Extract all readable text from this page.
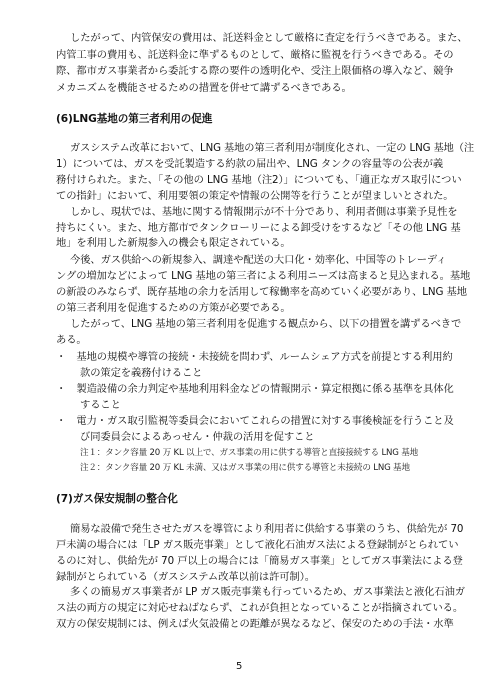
したがって、内管保安の費用は、託送料金として厳格に査定を行うべきである。また、
内管工事の費用も、託送料金に準ずるものとして、厳格に監視を行うべきである。その
際、都市ガス事業者から委託する際の要件の透明化や、受注上限価格の導入など、競争
メカニズムを機能させるための措置を併せて講ずるべきである。
(6)LNG基地の第三者利用の促進
ガスシステム改革において、LNG 基地の第三者利用が制度化され、一定の LNG 基地（注
1）については、ガスを受託製造する約款の届出や、LNG タンクの容量等の公表が義
務付けられた。また、「その他の LNG 基地（注2）」についても、「適正なガス取引につい
ての指針」において、利用要領の策定や情報の公開等を行うことが望ましいとされた。
しかし、現状では、基地に関する情報開示が不十分であり、利用者側は事業予見性を
持ちにくい。また、地方都市でタンクローリーによる卸受けをするなど「その他 LNG 基
地」を利用した新規参入の機会も限定されている。
今後、ガス供給への新規参入、調達や配送の大口化・効率化、中国等のトレーディ
ングの増加などによって LNG 基地の第三者による利用ニーズは高まると見込まれる。基地
の新設のみならず、既存基地の余力を活用して稼働率を高めていく必要があり、LNG 基地
の第三者利用を促進するための方策が必要である。
したがって、LNG 基地の第三者利用を促進する観点から、以下の措置を講ずるべきで
ある。
・　基地の規模や導管の接続・未接続を問わず、ルームシェア方式を前提とする利用約
款の策定を義務付けること
・　製造設備の余力判定や基地利用料金などの情報開示・算定根拠に係る基準を具体化
すること
・　電力・ガス取引監視等委員会においてこれらの措置に対する事後検証を行うこと及
び同委員会によるあっせん・仲裁の活用を促すこと
注１：タンク容量 20 万 KL 以上で、ガス事業の用に供する導管と直接接続する LNG 基地
注２：タンク容量 20 万 KL 未満、又はガス事業の用に供する導管と未接続の LNG 基地
(7)ガス保安規制の整合化
簡易な設備で発生させたガスを導管により利用者に供給する事業のうち、供給先が 70
戸未満の場合には「LP ガス販売事業」として液化石油ガス法による登録制がとられてい
るのに対し、供給先が 70 戸以上の場合には「簡易ガス事業」としてガス事業法による登
録制がとられている（ガスシステム改革以前は許可制）。
多くの簡易ガス事業者が LP ガス販売事業も行っているため、ガス事業法と液化石油ガ
ス法の両方の規定に対応せねばならず、これが負担となっていることが指摘されている。
双方の保安規制には、例えば火気設備との距離が異なるなど、保安のための手法・水準
5
